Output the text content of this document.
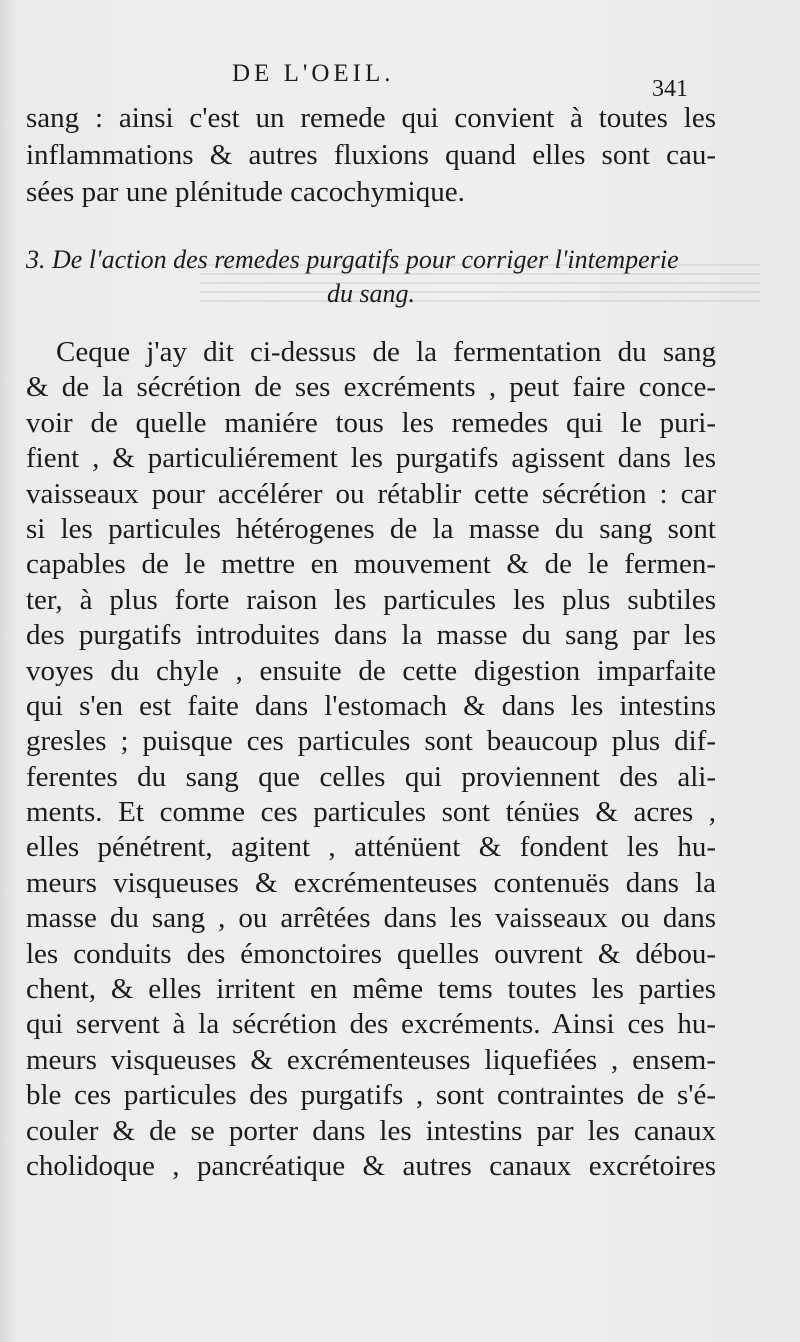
DE L'OEIL.
341
sang : ainsi c'est un remede qui convient à toutes les
inflammations & autres fluxions quand elles sont cau-
sées par une plénitude cacochymique.
3. De l'action des remedes purgatifs pour corriger l'intemperie
du sang.
Ceque j'ay dit ci-dessus de la fermentation du sang
& de la sécrétion de ses excréments , peut faire conce-
voir de quelle maniére tous les remedes qui le puri-
fient , & particuliérement les purgatifs agissent dans les
vaisseaux pour accélérer ou rétablir cette sécrétion : car
si les particules hétérogenes de la masse du sang sont
capables de le mettre en mouvement & de le fermen-
ter, à plus forte raison les particules les plus subtiles
des purgatifs introduites dans la masse du sang par les
voyes du chyle , ensuite de cette digestion imparfaite
qui s'en est faite dans l'estomach & dans les intestins
gresles ; puisque ces particules sont beaucoup plus dif-
ferentes du sang que celles qui proviennent des ali-
ments. Et comme ces particules sont ténües & acres ,
elles pénétrent, agitent , atténüent & fondent les hu-
meurs visqueuses & excrémenteuses contenuës dans la
masse du sang , ou arrêtées dans les vaisseaux ou dans
les conduits des émonctoires quelles ouvrent & débou-
chent, & elles irritent en même tems toutes les parties
qui servent à la sécrétion des excréments. Ainsi ces hu-
meurs visqueuses & excrémenteuses liquefiées , ensem-
ble ces particules des purgatifs , sont contraintes de s'é-
couler & de se porter dans les intestins par les canaux
cholidoque , pancréatique & autres canaux excrétoires
